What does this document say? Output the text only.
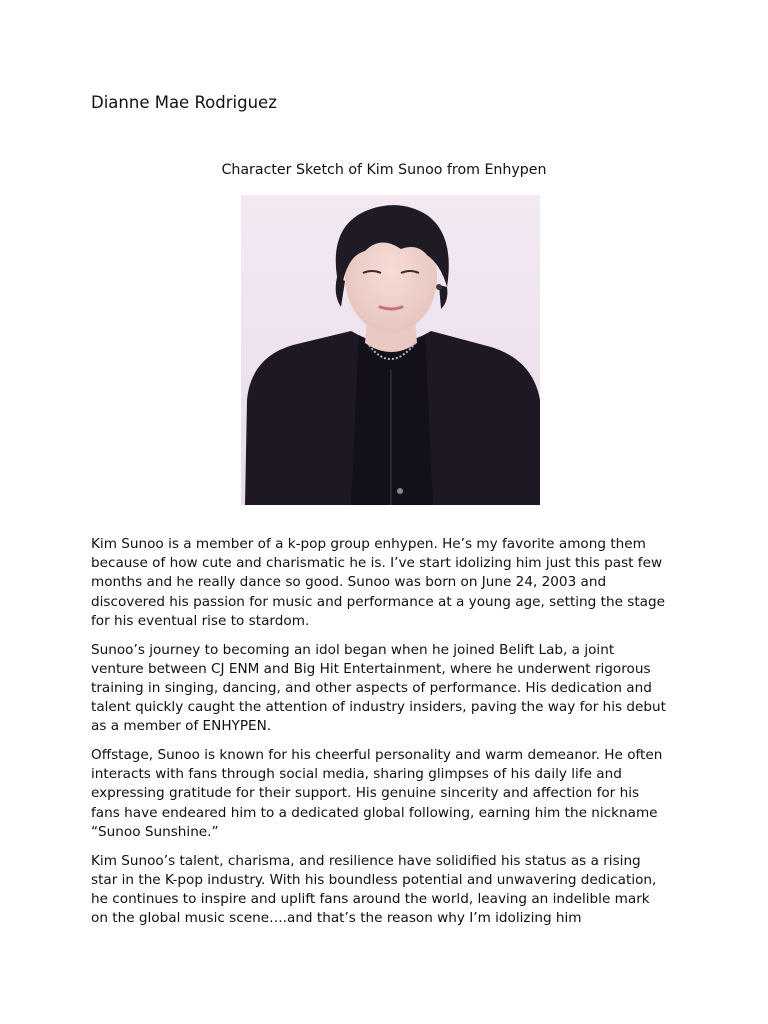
Dianne Mae Rodriguez

Character Sketch of Kim Sunoo from Enhypen

Kim Sunoo is a member of a k-pop group enhypen. He’s my favorite among them
because of how cute and charismatic he is. I’ve start idolizing him just this past few
months and he really dance so good. Sunoo was born on June 24, 2003 and
discovered his passion for music and performance at a young age, setting the stage
for his eventual rise to stardom.

Sunoo’s journey to becoming an idol began when he joined Belift Lab, a joint
venture between CJ ENM and Big Hit Entertainment, where he underwent rigorous
training in singing, dancing, and other aspects of performance. His dedication and
talent quickly caught the attention of industry insiders, paving the way for his debut
as a member of ENHYPEN.

Offstage, Sunoo is known for his cheerful personality and warm demeanor. He often
interacts with fans through social media, sharing glimpses of his daily life and
expressing gratitude for their support. His genuine sincerity and affection for his
fans have endeared him to a dedicated global following, earning him the nickname
“Sunoo Sunshine.”

Kim Sunoo’s talent, charisma, and resilience have solidified his status as a rising
star in the K-pop industry. With his boundless potential and unwavering dedication,
he continues to inspire and uplift fans around the world, leaving an indelible mark
on the global music scene….and that’s the reason why I’m idolizing him
